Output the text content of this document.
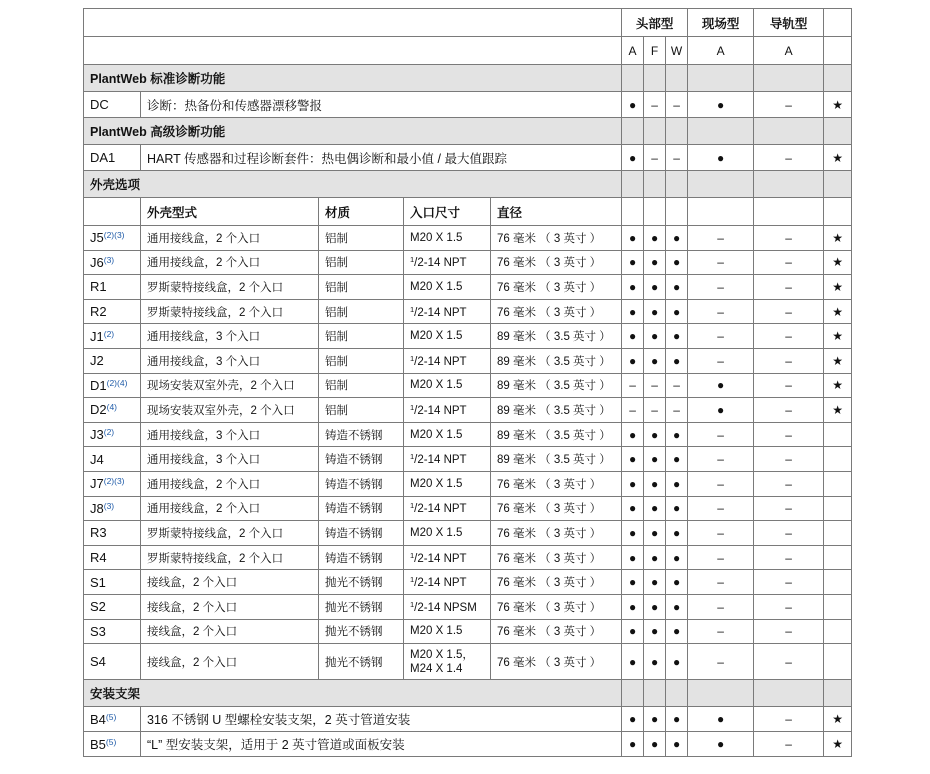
					头部型			现场型	导轨型	
					A	F	W	A	A	
PlantWeb 标准诊断功能										
DC	诊断：热备份和传感器漂移警报				●	–	–	●	–	★
PlantWeb 高级诊断功能										
DA1	HART 传感器和过程诊断套件：热电偶诊断和最小值 / 最大值跟踪				●	–	–	●	–	★
外壳选项										
	外壳型式	材质	入口尺寸	直径						
$J5^{(2)(3)}$	通用接线盒，2 个入口	铝制	M20 X 1.5	76 毫米 （ 3 英寸 ）	●	●	●	–	–	★
J6$^{(3)}$	通用接线盒，2 个入口	铝制	$^1$/2-14 NPT	76 毫米 （ 3 英寸 ）	●	●	●	–	–	★
R1	罗斯蒙特接线盒，2 个入口	铝制	M20 X 1.5	76 毫米 （ 3 英寸 ）	●	●	●	–	–	★
R2	罗斯蒙特接线盒，2 个入口	铝制	$^1$/2-14 NPT	76 毫米 （ 3 英寸 ）	●	●	●	–	–	★
J1$^{(2)}$	通用接线盒，3 个入口	铝制	M20 X 1.5	89 毫米 （ 3.5 英寸 ）	●	●	●	–	–	★
J2	通用接线盒，3 个入口	铝制	$^1$/2-14 NPT	89 毫米 （ 3.5 英寸 ）	●	●	●	–	–	★
$D1^{(2)(4)}$	现场安装双室外壳，2 个入口	铝制	M20 X 1.5	89 毫米 （ 3.5 英寸 ）	–	–	–	●	–	★
D2$^{(4)}$	现场安装双室外壳，2 个入口	铝制	$^1$/2-14 NPT	89 毫米 （ 3.5 英寸 ）	–	–	–	●	–	★
J3$^{(2)}$	通用接线盒，3 个入口	铸造不锈钢	M20 X 1.5	89 毫米 （ 3.5 英寸 ）	●	●	●	–	–	
J4	通用接线盒，3 个入口	铸造不锈钢	$^1$/2-14 NPT	89 毫米 （ 3.5 英寸 ）	●	●	●	–	–	
$J7^{(2)(3)}$	通用接线盒，2 个入口	铸造不锈钢	M20 X 1.5	76 毫米 （ 3 英寸 ）	●	●	●	–	–	
J8$^{(3)}$	通用接线盒，2 个入口	铸造不锈钢	$^1$/2-14 NPT	76 毫米 （ 3 英寸 ）	●	●	●	–	–	
R3	罗斯蒙特接线盒，2 个入口	铸造不锈钢	M20 X 1.5	76 毫米 （ 3 英寸 ）	●	●	●	–	–	
R4	罗斯蒙特接线盒，2 个入口	铸造不锈钢	$^1$/2-14 NPT	76 毫米 （ 3 英寸 ）	●	●	●	–	–	
S1	接线盒，2 个入口	抛光不锈钢	$^1$/2-14 NPT	76 毫米 （ 3 英寸 ）	●	●	●	–	–	
S2	接线盒，2 个入口	抛光不锈钢	$^1$/2-14 NPSM	76 毫米 （ 3 英寸 ）	●	●	●	–	–	
S3	接线盒，2 个入口	抛光不锈钢	M20 X 1.5	76 毫米 （ 3 英寸 ）	●	●	●	–	–	
S4	接线盒，2 个入口	抛光不锈钢	M20 X 1.5，
M24 X 1.4	76 毫米 （ 3 英寸 ）	●	●	●	–	–	
安装支架										
B4$^{(5)}$	316 不锈钢 U 型螺栓安装支架，2 英寸管道安装				●	●	●	●	–	★
B5$^{(5)}$	“L” 型安装支架，适用于 2 英寸管道或面板安装				●	●	●	●	–	★
